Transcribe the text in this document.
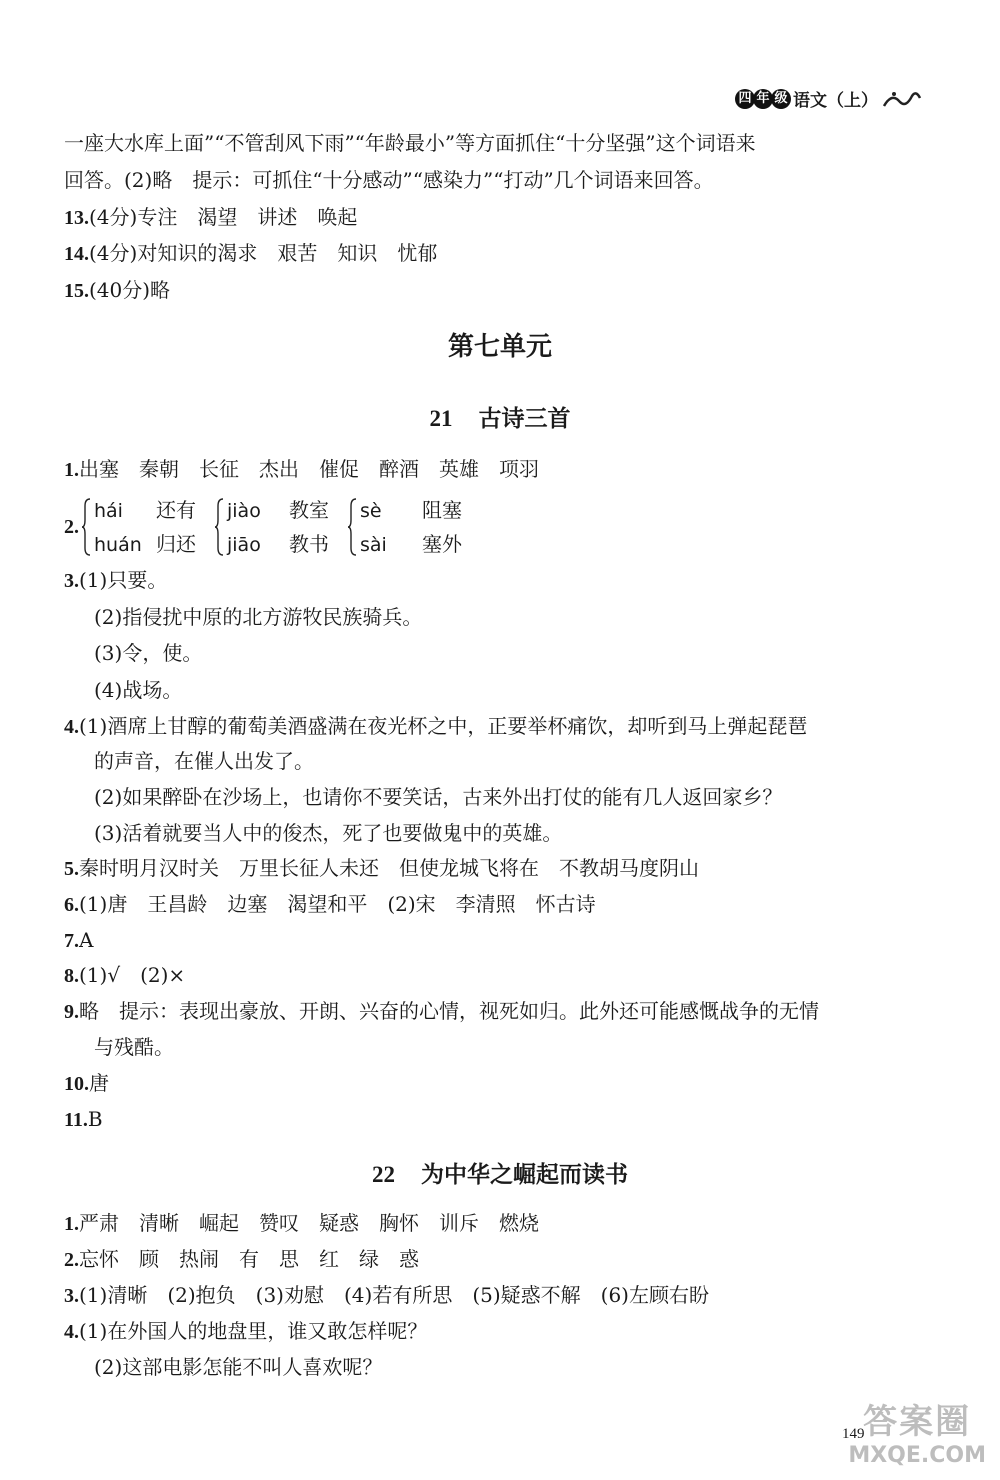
四 年 级 语文（上）
一座大水库上面”“不管刮风下雨”“年龄最小”等方面抓住“十分坚强”这个词语来
回答。(2)略　提示：可抓住“十分感动”“感染力”“打动”几个词语来回答。
13.(4分)专注　渴望　讲述　唤起
14.(4分)对知识的渴求　艰苦　知识　忧郁
15.(40分)略
第七单元
21 古诗三首
1.出塞　秦朝　长征　杰出　催促　醉酒　英雄　项羽
2.
hái 还有
huán 归还
jiào 教室
jiāo 教书
sè 阻塞
sài 塞外
3.(1)只要。
(2)指侵扰中原的北方游牧民族骑兵。
(3)令，使。
(4)战场。
4.(1)酒席上甘醇的葡萄美酒盛满在夜光杯之中，正要举杯痛饮，却听到马上弹起琵琶
的声音，在催人出发了。
(2)如果醉卧在沙场上，也请你不要笑话，古来外出打仗的能有几人返回家乡？
(3)活着就要当人中的俊杰，死了也要做鬼中的英雄。
5.秦时明月汉时关　万里长征人未还　但使龙城飞将在　不教胡马度阴山
6.(1)唐　王昌龄　边塞　渴望和平　(2)宋　李清照　怀古诗
7.A
8.(1)√　(2)×
9.略　提示：表现出豪放、开朗、兴奋的心情，视死如归。此外还可能感慨战争的无情
与残酷。
10.唐
11.B
22 为中华之崛起而读书
1.严肃　清晰　崛起　赞叹　疑惑　胸怀　训斥　燃烧
2.忘怀　顾　热闹　有　思　红　绿　惑
3.(1)清晰　(2)抱负　(3)劝慰　(4)若有所思　(5)疑惑不解　(6)左顾右盼
4.(1)在外国人的地盘里，谁又敢怎样呢？
(2)这部电影怎能不叫人喜欢呢？
149
答案圈
MXQE.COM
